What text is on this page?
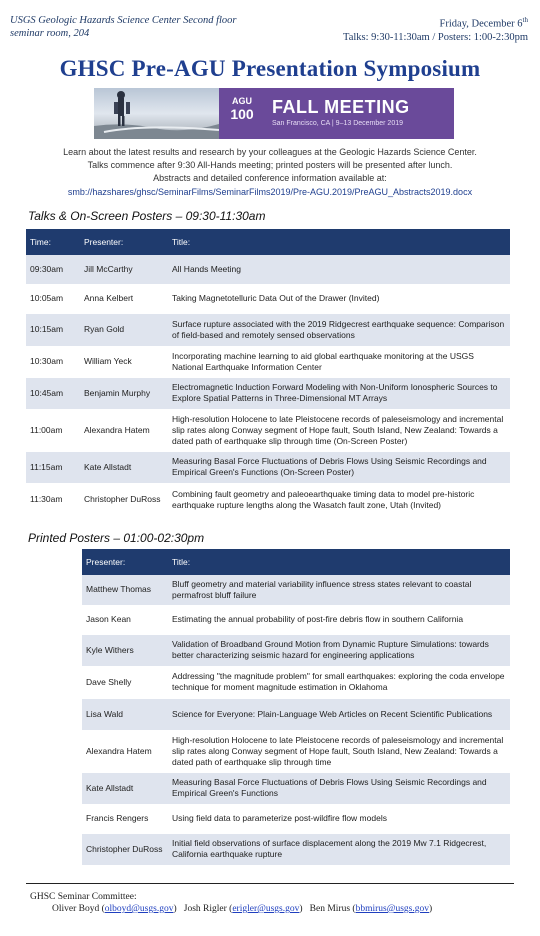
USGS Geologic Hazards Science Center Second floor
seminar room, 204
Friday, December 6th
Talks: 9:30-11:30am / Posters: 1:00-2:30pm
GHSC Pre-AGU Presentation Symposium
AGU
100	FALL MEETING
San Francisco, CA | 9–13 December 2019
Learn about the latest results and research by your colleagues at the Geologic Hazards Science Center.
Talks commence after 9:30 All-Hands meeting; printed posters will be presented after lunch.
Abstracts and detailed conference information available at:
smb://hazshares/ghsc/SeminarFilms/SeminarFilms2019/Pre-AGU.2019/PreAGU_Abstracts2019.docx
Talks & On-Screen Posters – 09:30-11:30am
Time:	Presenter:	Title:
09:30am	Jill McCarthy	All Hands Meeting
10:05am	Anna Kelbert	Taking Magnetotelluric Data Out of the Drawer (Invited)
10:15am	Ryan Gold	Surface rupture associated with the 2019 Ridgecrest earthquake sequence: Comparison of field-based and remotely sensed observations
10:30am	William Yeck	Incorporating machine learning to aid global earthquake monitoring at the USGS National Earthquake Information Center
10:45am	Benjamin Murphy	Electromagnetic Induction Forward Modeling with Non-Uniform Ionospheric Sources to Explore Spatial Patterns in Three-Dimensional MT Arrays
11:00am	Alexandra Hatem	High-resolution Holocene to late Pleistocene records of paleseismology and incremental slip rates along Conway segment of Hope fault, South Island, New Zealand: Towards a dated path of earthquake slip through time (On-Screen Poster)
11:15am	Kate Allstadt	Measuring Basal Force Fluctuations of Debris Flows Using Seismic Recordings and Empirical Green's Functions (On-Screen Poster)
11:30am	Christopher DuRoss	Combining fault geometry and paleoearthquake timing data to model pre-historic earthquake rupture lengths along the Wasatch fault zone, Utah (Invited)
Printed Posters – 01:00-02:30pm
Presenter:	Title:
Matthew Thomas	Bluff geometry and material variability influence stress states relevant to coastal permafrost bluff failure
Jason Kean	Estimating the annual probability of post-fire debris flow in southern California
Kyle Withers	Validation of Broadband Ground Motion from Dynamic Rupture Simulations: towards better characterizing seismic hazard for engineering applications
Dave Shelly	Addressing "the magnitude problem" for small earthquakes: exploring the coda envelope technique for moment magnitude estimation in Oklahoma
Lisa Wald	Science for Everyone: Plain-Language Web Articles on Recent Scientific Publications
Alexandra Hatem	High-resolution Holocene to late Pleistocene records of paleseismology and incremental slip rates along Conway segment of Hope fault, South Island, New Zealand: Towards a dated path of earthquake slip through time
Kate Allstadt	Measuring Basal Force Fluctuations of Debris Flows Using Seismic Recordings and Empirical Green's Functions
Francis Rengers	Using field data to parameterize post-wildfire flow models
Christopher DuRoss	Initial field observations of surface displacement along the 2019 Mw 7.1 Ridgecrest, California earthquake rupture
GHSC Seminar Committee:
Oliver Boyd (olboyd@usgs.gov)   Josh Rigler (erigler@usgs.gov)   Ben Mirus (bbmirus@usgs.gov)
